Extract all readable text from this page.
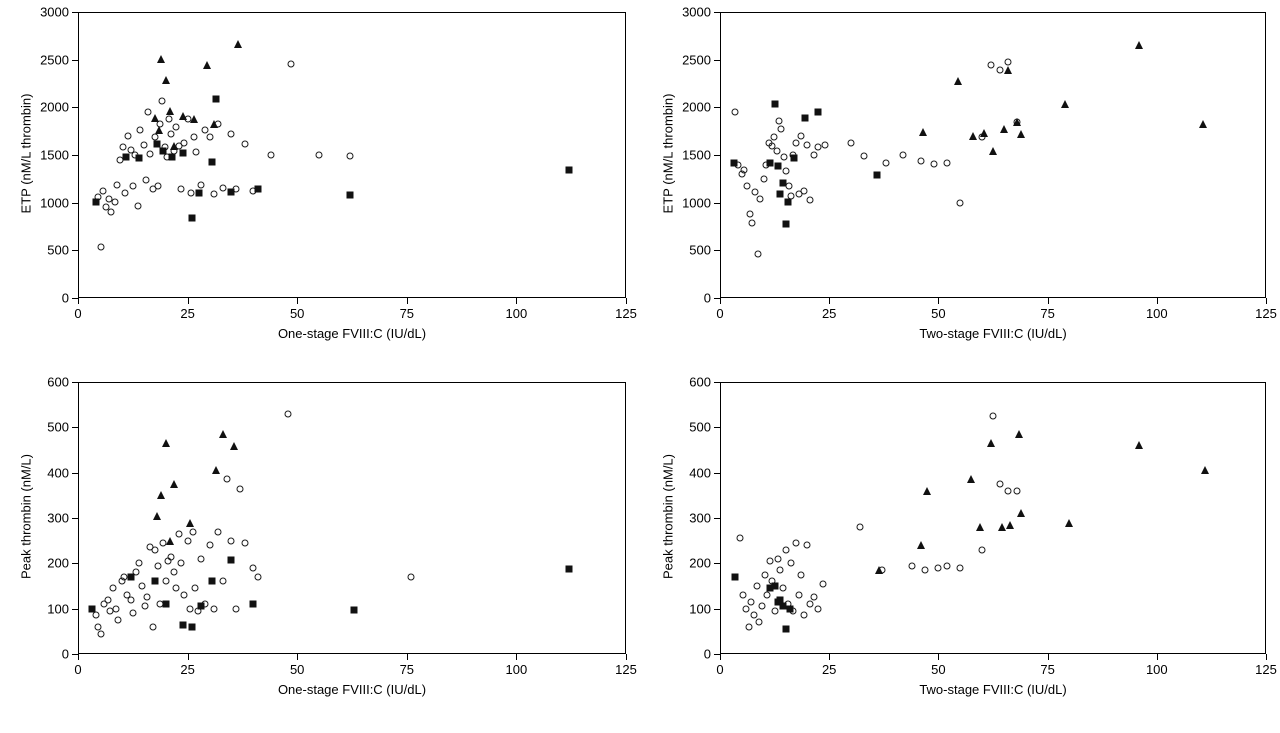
0
500
1000
1500
2000
2500
3000
0	25	50	75	100	125
One-stage FVIII:C (IU/dL)
ETP (nM/L thrombin)
0
500
1000
1500
2000
2500
3000
0	25	50	75	100	125
Two-stage FVIII:C (IU/dL)
ETP (nM/L thrombin)
0
100
200
300
400
500
600
0	25	50	75	100	125
One-stage FVIII:C (IU/dL)
Peak thrombin (nM/L)
0
100
200
300
400
500
600
0	25	50	75	100	125
Two-stage FVIII:C (IU/dL)
Peak thrombin (nM/L)
